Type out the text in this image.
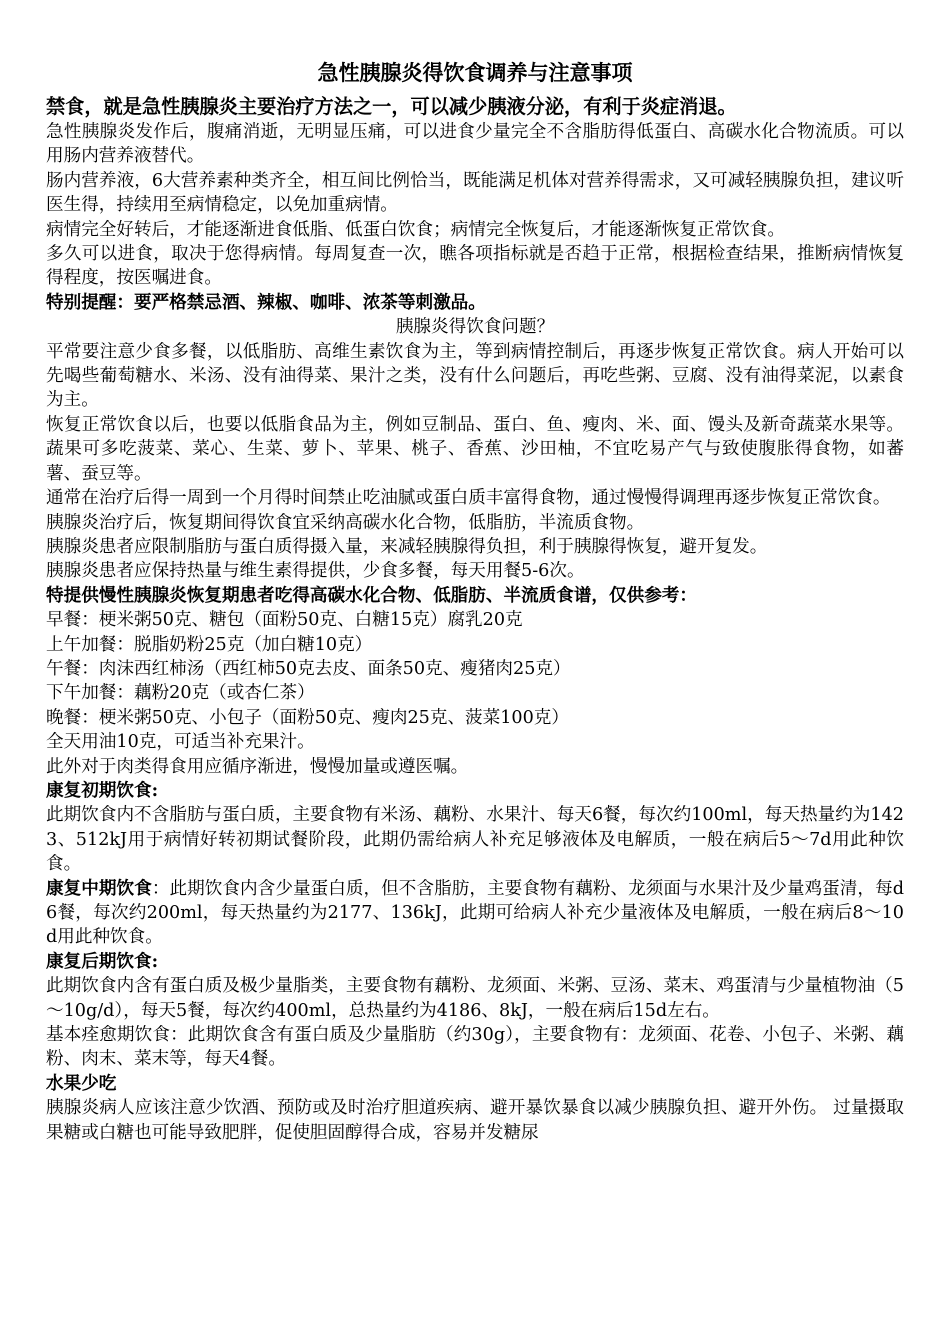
急性胰腺炎得饮食调养与注意事项

禁食，就是急性胰腺炎主要治疗方法之一，可以减少胰液分泌，有利于炎症消退。

急性胰腺炎发作后，腹痛消逝，无明显压痛，可以进食少量完全不含脂肪得低蛋白、高碳水化合物流质。可以用肠内营养液替代。

肠内营养液，6大营养素种类齐全，相互间比例恰当，既能满足机体对营养得需求，又可减轻胰腺负担，建议听医生得，持续用至病情稳定，以免加重病情。

病情完全好转后，才能逐渐进食低脂、低蛋白饮食；病情完全恢复后，才能逐渐恢复正常饮食。

多久可以进食，取决于您得病情。每周复查一次，瞧各项指标就是否趋于正常，根据检查结果，推断病情恢复得程度，按医嘱进食。

特别提醒：要严格禁忌酒、辣椒、咖啡、浓茶等刺激品。

胰腺炎得饮食问题？

平常要注意少食多餐，以低脂肪、高维生素饮食为主，等到病情控制后，再逐步恢复正常饮食。病人开始可以先喝些葡萄糖水、米汤、没有油得菜、果汁之类，没有什么问题后，再吃些粥、豆腐、没有油得菜泥，以素食为主。

恢复正常饮食以后，也要以低脂食品为主，例如豆制品、蛋白、鱼、瘦肉、米、面、馒头及新奇蔬菜水果等。蔬果可多吃菠菜、菜心、生菜、萝卜、苹果、桃子、香蕉、沙田柚，不宜吃易产气与致使腹胀得食物，如蕃薯、蚕豆等。

通常在治疗后得一周到一个月得时间禁止吃油腻或蛋白质丰富得食物，通过慢慢得调理再逐步恢复正常饮食。

胰腺炎治疗后，恢复期间得饮食宜采纳高碳水化合物，低脂肪，半流质食物。

胰腺炎患者应限制脂肪与蛋白质得摄入量，来减轻胰腺得负担，利于胰腺得恢复，避开复发。

胰腺炎患者应保持热量与维生素得提供，少食多餐，每天用餐5-6次。

特提供慢性胰腺炎恢复期患者吃得高碳水化合物、低脂肪、半流质食谱，仅供参考：

早餐：梗米粥50克、糖包（面粉50克、白糖15克）腐乳20克

上午加餐：脱脂奶粉25克（加白糖10克）

午餐：肉沫西红柿汤（西红柿50克去皮、面条50克、瘦猪肉25克）

下午加餐：藕粉20克（或杏仁茶）

晚餐：梗米粥50克、小包子（面粉50克、瘦肉25克、菠菜100克）

全天用油10克，可适当补充果汁。

此外对于肉类得食用应循序渐进，慢慢加量或遵医嘱。

康复初期饮食:

此期饮食内不含脂肪与蛋白质，主要食物有米汤、藕粉、水果汁、每天6餐，每次约100ml，每天热量约为1423、512kJ用于病情好转初期试餐阶段，此期仍需给病人补充足够液体及电解质，一般在病后5～7d用此种饮食。

康复中期饮食：此期饮食内含少量蛋白质，但不含脂肪，主要食物有藕粉、龙须面与水果汁及少量鸡蛋清，每d6餐，每次约200ml，每天热量约为2177、136kJ，此期可给病人补充少量液体及电解质，一般在病后8～10d用此种饮食。

康复后期饮食:

此期饮食内含有蛋白质及极少量脂类，主要食物有藕粉、龙须面、米粥、豆汤、菜末、鸡蛋清与少量植物油（5～10g/d），每天5餐，每次约400ml，总热量约为4186、8kJ，一般在病后15d左右。

基本痊愈期饮食：此期饮食含有蛋白质及少量脂肪（约30g），主要食物有：龙须面、花卷、小包子、米粥、藕粉、肉末、菜末等，每天4餐。

水果少吃

胰腺炎病人应该注意少饮酒、预防或及时治疗胆道疾病、避开暴饮暴食以减少胰腺负担、避开外伤。 过量摄取果糖或白糖也可能导致肥胖，促使胆固醇得合成，容易并发糖尿
